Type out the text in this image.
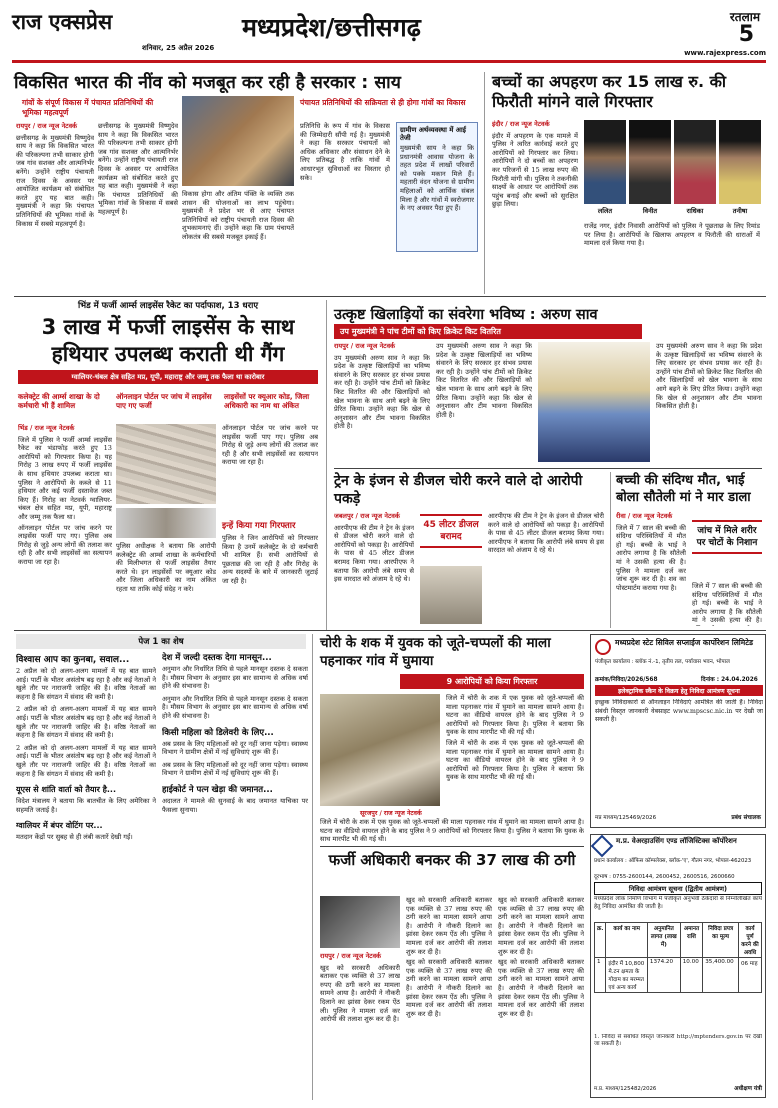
राज एक्सप्रेस
शनिवार, 25 अप्रैल 2026
मध्यप्रदेश/छत्तीसगढ़	रतलाम
5
www.rajexpress.com
विकसित भारत की नींव को मजबूत कर रही है सरकार : साय
गांवों के संपूर्ण विकास में पंचायत प्रतिनिधियों की भूमिका महत्वपूर्ण
पंचायत प्रतिनिधियों की सक्रियता से ही होगा गांवों का विकास
रायपुर / राज न्यूज नेटवर्क

छत्तीसगढ़ के मुख्यमंत्री विष्णुदेव साय ने कहा कि विकसित भारत की परिकल्पना तभी साकार होगी जब गांव सशक्त और आत्मनिर्भर बनेंगे। उन्होंने राष्ट्रीय पंचायती राज दिवस के अवसर पर आयोजित कार्यक्रम को संबोधित करते हुए यह बात कही। मुख्यमंत्री ने कहा कि पंचायत प्रतिनिधियों की भूमिका गांवों के विकास में सबसे महत्वपूर्ण है।

छत्तीसगढ़ के मुख्यमंत्री विष्णुदेव साय ने कहा कि विकसित भारत की परिकल्पना तभी साकार होगी जब गांव सशक्त और आत्मनिर्भर बनेंगे। उन्होंने राष्ट्रीय पंचायती राज दिवस के अवसर पर आयोजित कार्यक्रम को संबोधित करते हुए यह बात कही। मुख्यमंत्री ने कहा कि पंचायत प्रतिनिधियों की भूमिका गांवों के विकास में सबसे महत्वपूर्ण है।

विकास होगा और अंतिम पंक्ति के व्यक्ति तक शासन की योजनाओं का लाभ पहुंचेगा। मुख्यमंत्री ने प्रदेश भर से आए पंचायत प्रतिनिधियों को राष्ट्रीय पंचायती राज दिवस की शुभकामनाएं दीं। उन्होंने कहा कि ग्राम पंचायतें लोकतंत्र की सबसे मजबूत इकाई हैं।

प्रतिनिधि के रूप में गांव के विकास की जिम्मेदारी सौंपी गई है। मुख्यमंत्री ने कहा कि सरकार पंचायतों को अधिक अधिकार और संसाधन देने के लिए प्रतिबद्ध है ताकि गांवों में आधारभूत सुविधाओं का विस्तार हो सके।

ग्रामीण अर्थव्यवस्था में आई तेजी
मुख्यमंत्री साय ने कहा कि प्रधानमंत्री आवास योजना के तहत प्रदेश में लाखों परिवारों को पक्के मकान मिले हैं। महतारी वंदन योजना से ग्रामीण महिलाओं को आर्थिक संबल मिला है और गांवों में स्वरोजगार के नए अवसर पैदा हुए हैं।
बच्चों का अपहरण कर 15 लाख रु. की फिरौती मांगने वाले गिरफ्तार
इंदौर / राज न्यूज नेटवर्क

इंदौर में अपहरण के एक मामले में पुलिस ने त्वरित कार्रवाई करते हुए आरोपियों को गिरफ्तार कर लिया। आरोपियों ने दो बच्चों का अपहरण कर परिजनों से 15 लाख रुपए की फिरौती मांगी थी। पुलिस ने तकनीकी साक्ष्यों के आधार पर आरोपियों तक पहुंच बनाई और बच्चों को सुरक्षित छुड़ा लिया।

ललित	विनीत	राधिका	तनीषा

राजेंद्र नगर, इंदौर निवासी आरोपियों को पुलिस ने पूछताछ के लिए रिमांड पर लिया है। आरोपियों के खिलाफ अपहरण व फिरौती की धाराओं में मामला दर्ज किया गया है।

भिंड में फर्जी आर्म्स लाइसेंस रैकेट का पर्दाफाश, 13 धराए
3 लाख में फर्जी लाइसेंस के साथ हथियार उपलब्ध कराती थी गैंग
ग्वालियर-चंबल क्षेत्र सहित मप्र, यूपी, महाराष्ट्र और जम्मू तक फैला था कारोबार
कलेक्ट्रेट की आर्म्स शाखा के दो कर्मचारी भी हैं शामिल
ऑनलाइन पोर्टल पर जांच में लाइसेंस पाए गए फर्जी
लाइसेंसों पर क्यूआर कोड, जिला अधिकारी का नाम था अंकित
भिंड / राज न्यूज नेटवर्क

जिले में पुलिस ने फर्जी आर्म्स लाइसेंस रैकेट का भंडाफोड़ करते हुए 13 आरोपियों को गिरफ्तार किया है। यह गिरोह 3 लाख रुपए में फर्जी लाइसेंस के साथ हथियार उपलब्ध कराता था। पुलिस ने आरोपियों के कब्जे से 11 हथियार और कई फर्जी दस्तावेज जब्त किए हैं। गिरोह का नेटवर्क ग्वालियर-चंबल क्षेत्र सहित मप्र, यूपी, महाराष्ट्र और जम्मू तक फैला था।

ऑनलाइन पोर्टल पर जांच करने पर लाइसेंस फर्जी पाए गए। पुलिस अब गिरोह से जुड़े अन्य लोगों की तलाश कर रही है और सभी लाइसेंसों का सत्यापन कराया जा रहा है।

पुलिस अधीक्षक ने बताया कि आरोपी कलेक्ट्रेट की आर्म्स शाखा के कर्मचारियों की मिलीभगत से फर्जी लाइसेंस तैयार करते थे। इन लाइसेंसों पर क्यूआर कोड और जिला अधिकारी का नाम अंकित रहता था ताकि कोई संदेह न करे।

ऑनलाइन पोर्टल पर जांच करने पर लाइसेंस फर्जी पाए गए। पुलिस अब गिरोह से जुड़े अन्य लोगों की तलाश कर रही है और सभी लाइसेंसों का सत्यापन कराया जा रहा है।

इन्हें किया गया गिरफ्तार

पुलिस ने जिन आरोपियों को गिरफ्तार किया है उनमें कलेक्ट्रेट के दो कर्मचारी भी शामिल हैं। सभी आरोपियों से पूछताछ की जा रही है और गिरोह के अन्य सदस्यों के बारे में जानकारी जुटाई जा रही है।

उत्कृष्ट खिलाड़ियों का संवरेगा भविष्य : अरुण साव
उप मुख्यमंत्री ने पांच टीमों को किए क्रिकेट किट वितरित
रायपुर / राज न्यूज नेटवर्क

उप मुख्यमंत्री अरुण साव ने कहा कि प्रदेश के उत्कृष्ट खिलाड़ियों का भविष्य संवारने के लिए सरकार हर संभव प्रयास कर रही है। उन्होंने पांच टीमों को क्रिकेट किट वितरित की और खिलाड़ियों को खेल भावना के साथ आगे बढ़ने के लिए प्रेरित किया। उन्होंने कहा कि खेल से अनुशासन और टीम भावना विकसित होती है।

उप मुख्यमंत्री अरुण साव ने कहा कि प्रदेश के उत्कृष्ट खिलाड़ियों का भविष्य संवारने के लिए सरकार हर संभव प्रयास कर रही है। उन्होंने पांच टीमों को क्रिकेट किट वितरित की और खिलाड़ियों को खेल भावना के साथ आगे बढ़ने के लिए प्रेरित किया। उन्होंने कहा कि खेल से अनुशासन और टीम भावना विकसित होती है।

उप मुख्यमंत्री अरुण साव ने कहा कि प्रदेश के उत्कृष्ट खिलाड़ियों का भविष्य संवारने के लिए सरकार हर संभव प्रयास कर रही है। उन्होंने पांच टीमों को क्रिकेट किट वितरित की और खिलाड़ियों को खेल भावना के साथ आगे बढ़ने के लिए प्रेरित किया। उन्होंने कहा कि खेल से अनुशासन और टीम भावना विकसित होती है।

ट्रेन के इंजन से डीजल चोरी करने वाले दो आरोपी पकड़े
जबलपुर / राज न्यूज नेटवर्क

आरपीएफ की टीम ने ट्रेन के इंजन से डीजल चोरी करने वाले दो आरोपियों को पकड़ा है। आरोपियों के पास से 45 लीटर डीजल बरामद किया गया। आरपीएफ ने बताया कि आरोपी लंबे समय से इस वारदात को अंजाम दे रहे थे।

45 लीटर डीजल बरामद

आरपीएफ की टीम ने ट्रेन के इंजन से डीजल चोरी करने वाले दो आरोपियों को पकड़ा है। आरोपियों के पास से 45 लीटर डीजल बरामद किया गया। आरपीएफ ने बताया कि आरोपी लंबे समय से इस वारदात को अंजाम दे रहे थे।

बच्ची की संदिग्ध मौत, भाई बोला सौतेली मां ने मार डाला
रीवा / राज न्यूज नेटवर्क

जिले में 7 साल की बच्ची की संदिग्ध परिस्थितियों में मौत हो गई। बच्ची के भाई ने आरोप लगाया है कि सौतेली मां ने उसकी हत्या की है। पुलिस ने मामला दर्ज कर जांच शुरू कर दी है। शव का पोस्टमार्टम कराया गया है।

जांच में मिले शरीर पर चोटों के निशान

जिले में 7 साल की बच्ची की संदिग्ध परिस्थितियों में मौत हो गई। बच्ची के भाई ने आरोप लगाया है कि सौतेली मां ने उसकी हत्या की है।

पेज 1 का शेष
विश्वास आप का कुनबा, सवाल...
2 अप्रैल को दो अलग-अलग मामलों में यह बात सामने आई। पार्टी के भीतर असंतोष बढ़ रहा है और कई नेताओं ने खुले तौर पर नाराजगी जाहिर की है। वरिष्ठ नेताओं का कहना है कि संगठन में संवाद की कमी है।
2 अप्रैल को दो अलग-अलग मामलों में यह बात सामने आई। पार्टी के भीतर असंतोष बढ़ रहा है और कई नेताओं ने खुले तौर पर नाराजगी जाहिर की है। वरिष्ठ नेताओं का कहना है कि संगठन में संवाद की कमी है।
2 अप्रैल को दो अलग-अलग मामलों में यह बात सामने आई। पार्टी के भीतर असंतोष बढ़ रहा है और कई नेताओं ने खुले तौर पर नाराजगी जाहिर की है। वरिष्ठ नेताओं का कहना है कि संगठन में संवाद की कमी है।
यूएस से शांति वार्ता को तैयार है...
विदेश मंत्रालय ने बताया कि बातचीत के लिए अमेरिका ने सहमति जताई है।
ग्वालियर में बंपर वोटिंग पर...
मतदान केंद्रों पर सुबह से ही लंबी कतारें देखी गईं।
देश में जल्दी दस्तक देगा मानसून...
अनुमान और निर्धारित तिथि से पहले मानसून दस्तक दे सकता है। मौसम विभाग के अनुसार इस बार सामान्य से अधिक वर्षा होने की संभावना है।
अनुमान और निर्धारित तिथि से पहले मानसून दस्तक दे सकता है। मौसम विभाग के अनुसार इस बार सामान्य से अधिक वर्षा होने की संभावना है।
किसी महिला को डिलेवरी के लिए...
अब प्रसव के लिए महिलाओं को दूर नहीं जाना पड़ेगा। स्वास्थ्य विभाग ने ग्रामीण क्षेत्रों में नई सुविधाएं शुरू की हैं।
अब प्रसव के लिए महिलाओं को दूर नहीं जाना पड़ेगा। स्वास्थ्य विभाग ने ग्रामीण क्षेत्रों में नई सुविधाएं शुरू की हैं।
हाईकोर्ट ने पत्न खेड़ा की जमानत...
अदालत ने मामले की सुनवाई के बाद जमानत याचिका पर फैसला सुनाया।
चोरी के शक में युवक को जूते-चप्पलों की माला पहनाकर गांव में घुमाया
9 आरोपियों को किया गिरफ्तार
सूरजपुर / राज न्यूज नेटवर्क

जिले में चोरी के शक में एक युवक को जूते-चप्पलों की माला पहनाकर गांव में घुमाने का मामला सामने आया है। घटना का वीडियो वायरल होने के बाद पुलिस ने 9 आरोपियों को गिरफ्तार किया है। पुलिस ने बताया कि युवक के साथ मारपीट भी की गई थी।

जिले में चोरी के शक में एक युवक को जूते-चप्पलों की माला पहनाकर गांव में घुमाने का मामला सामने आया है। घटना का वीडियो वायरल होने के बाद पुलिस ने 9 आरोपियों को गिरफ्तार किया है। पुलिस ने बताया कि युवक के साथ मारपीट भी की गई थी।

जिले में चोरी के शक में एक युवक को जूते-चप्पलों की माला पहनाकर गांव में घुमाने का मामला सामने आया है। घटना का वीडियो वायरल होने के बाद पुलिस ने 9 आरोपियों को गिरफ्तार किया है। पुलिस ने बताया कि युवक के साथ मारपीट भी की गई थी।

फर्जी अधिकारी बनकर की 37 लाख की ठगी
रायपुर / राज न्यूज नेटवर्क

खुद को सरकारी अधिकारी बताकर एक व्यक्ति से 37 लाख रुपए की ठगी करने का मामला सामने आया है। आरोपी ने नौकरी दिलाने का झांसा देकर रकम ऐंठ ली। पुलिस ने मामला दर्ज कर आरोपी की तलाश शुरू कर दी है।

खुद को सरकारी अधिकारी बताकर एक व्यक्ति से 37 लाख रुपए की ठगी करने का मामला सामने आया है। आरोपी ने नौकरी दिलाने का झांसा देकर रकम ऐंठ ली। पुलिस ने मामला दर्ज कर आरोपी की तलाश शुरू कर दी है।

खुद को सरकारी अधिकारी बताकर एक व्यक्ति से 37 लाख रुपए की ठगी करने का मामला सामने आया है। आरोपी ने नौकरी दिलाने का झांसा देकर रकम ऐंठ ली। पुलिस ने मामला दर्ज कर आरोपी की तलाश शुरू कर दी है।

खुद को सरकारी अधिकारी बताकर एक व्यक्ति से 37 लाख रुपए की ठगी करने का मामला सामने आया है। आरोपी ने नौकरी दिलाने का झांसा देकर रकम ऐंठ ली। पुलिस ने मामला दर्ज कर आरोपी की तलाश शुरू कर दी है।

खुद को सरकारी अधिकारी बताकर एक व्यक्ति से 37 लाख रुपए की ठगी करने का मामला सामने आया है। आरोपी ने नौकरी दिलाने का झांसा देकर रकम ऐंठ ली। पुलिस ने मामला दर्ज कर आरोपी की तलाश शुरू कर दी है।

मध्यप्रदेश स्टेट सिविल सप्लाईज कार्पोरेशन लिमिटेड
पंजीकृत कार्यालय : ब्लॉक नं.-1, तृतीय तल, पर्यावास भवन, भोपाल
क्रमांक/निविदा/2026/568	दिनांक : 24.04.2026
इलेक्ट्रानिक स्कैन के विक्रय हेतु निविदा आमंत्रण सूचना
इच्छुक निविदाकारों से ऑनलाइन निविदाएं आमंत्रित की जाती हैं। निविदा संबंधी विस्तृत जानकारी वेबसाइट www.mpscsc.nic.in पर देखी जा सकती है।
मप्र माध्यम/125469/2026	प्रबंध संचालक
म.प्र. वेअरहाउसिंग एण्ड लॉजिस्टिक्स कॉर्पोरेशन
प्रधान कार्यालय : ऑफिस कॉम्पलेक्स, ब्लॉक-'ए', गौतम नगर, भोपाल-462023
दूरभाष : 0755-2600144, 2600452, 2600516, 2600660
निविदा आमंत्रण सूचना (द्वितीय आमंत्रण)
मध्यप्रदेश लोक निर्माण विभाग में पंजीकृत अनुभवी ठेकेदारों से निम्नलिखित कार्य हेतु निविदा आमंत्रित की जाती है।
क्र.	कार्य का नाम	अनुमानित लागत (लाख में)	अमानत राशि	निविदा प्रपत्र का मूल्य	कार्य पूर्ण करने की अवधि
1	इंदौर में 10,800 मे.टन क्षमता के गोदाम का मरम्मत एवं अन्य कार्य	1374.20	10.00	35,400.00	06 माह
1. निविदा से संबंधित विस्तृत जानकारी http://mptenders.gov.in पर देखी जा सकती है।
म.प्र. माध्यम/125482/2026	अधीक्षण यंत्री
